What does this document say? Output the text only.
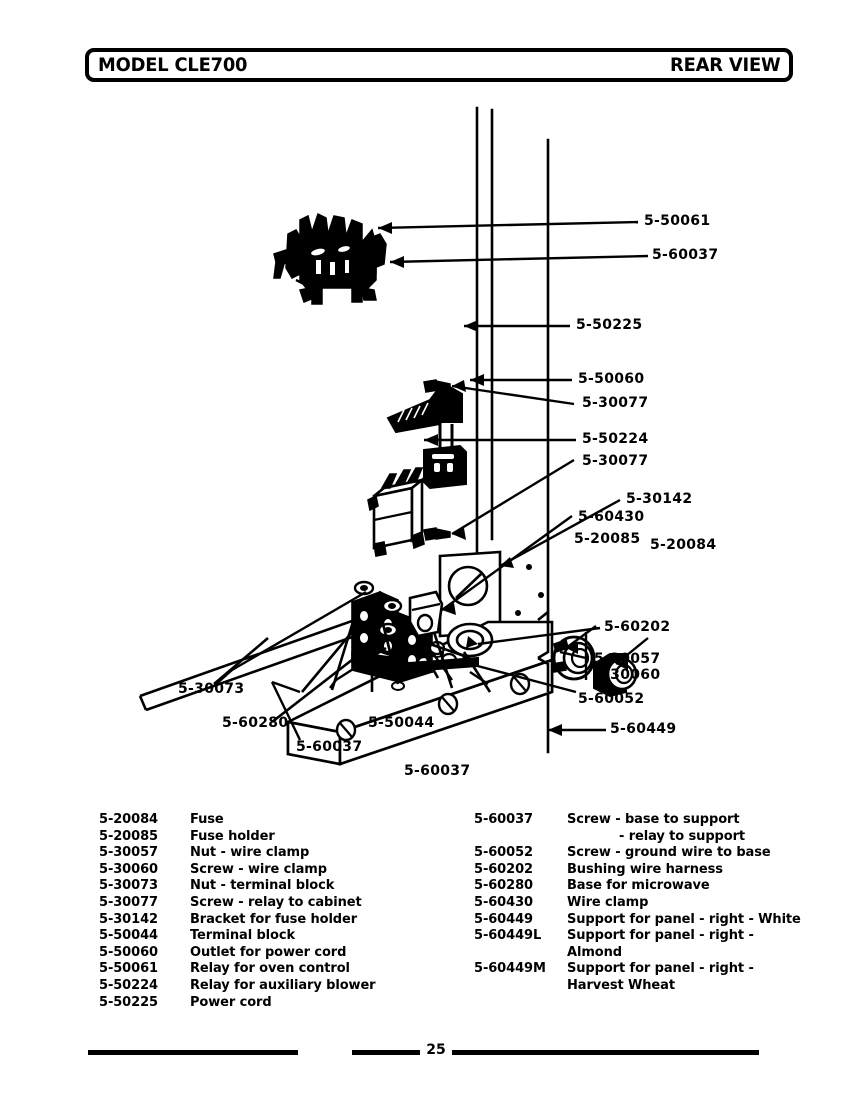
MODEL CLE700	REAR VIEW
5-50061
5-60037
5-50225
5-50060
5-30077
5-50224
5-30077
5-30142
5-60430
5-20085 5-20084
5-60202
5-30057
5-30060
5-60052
5-60449
5-30073
5-60280
5-60037
5-50044
5-60037
5-20084	Fuse
5-20085	Fuse holder
5-30057	Nut - wire clamp
5-30060	Screw - wire clamp
5-30073	Nut - terminal block
5-30077	Screw - relay to cabinet
5-30142	Bracket for fuse holder
5-50044	Terminal block
5-50060	Outlet for power cord
5-50061	Relay for oven control
5-50224	Relay for auxiliary blower
5-50225	Power cord
5-60037	Screw - base to support
- relay to support
5-60052	Screw - ground wire to base
5-60202	Bushing wire harness
5-60280	Base for microwave
5-60430	Wire clamp
5-60449	Support for panel - right - White
5-60449L	Support for panel - right -
Almond
5-60449M	Support for panel - right -
Harvest Wheat
25
